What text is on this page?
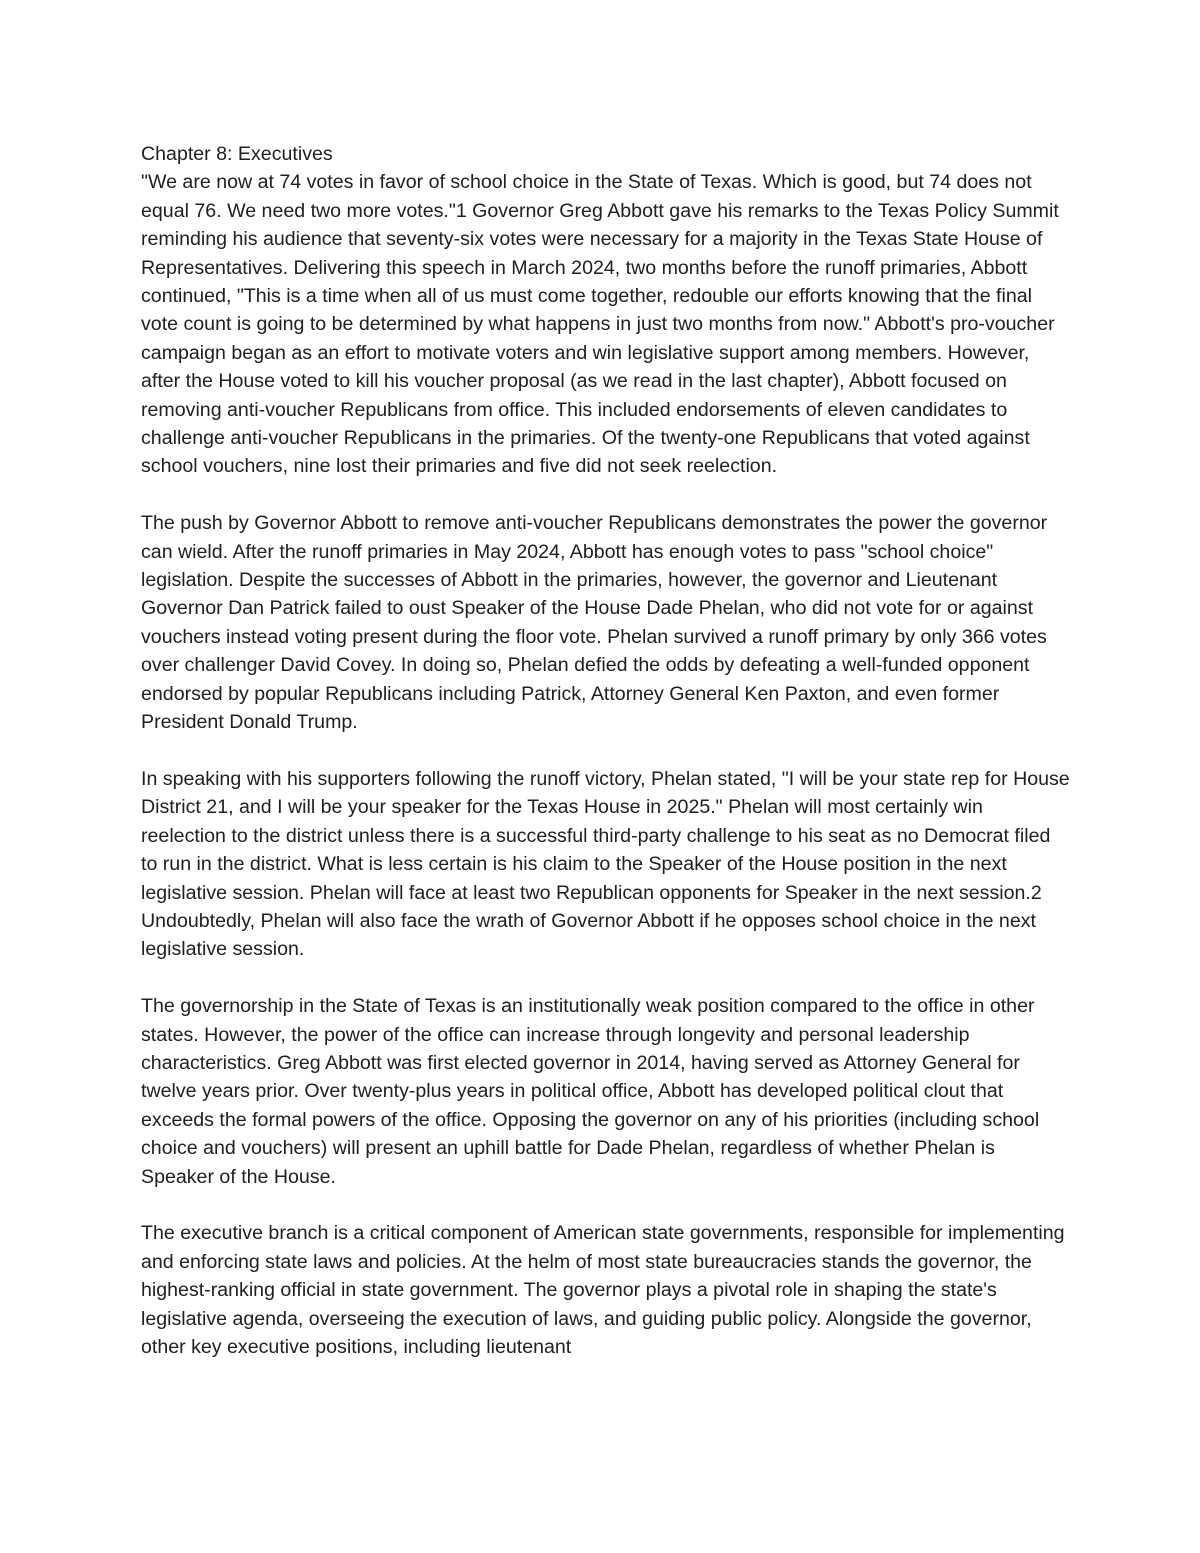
Chapter 8: Executives

"We are now at 74 votes in favor of school choice in the State of Texas. Which is good, but 74 does not equal 76. We need two more votes."1 Governor Greg Abbott gave his remarks to the Texas Policy Summit reminding his audience that seventy-six votes were necessary for a majority in the Texas State House of Representatives. Delivering this speech in March 2024, two months before the runoff primaries, Abbott continued, "This is a time when all of us must come together, redouble our efforts knowing that the final vote count is going to be determined by what happens in just two months from now." Abbott's pro-voucher campaign began as an effort to motivate voters and win legislative support among members. However, after the House voted to kill his voucher proposal (as we read in the last chapter), Abbott focused on removing anti-voucher Republicans from office. This included endorsements of eleven candidates to challenge anti-voucher Republicans in the primaries. Of the twenty-one Republicans that voted against school vouchers, nine lost their primaries and five did not seek reelection.

The push by Governor Abbott to remove anti-voucher Republicans demonstrates the power the governor can wield. After the runoff primaries in May 2024, Abbott has enough votes to pass "school choice" legislation. Despite the successes of Abbott in the primaries, however, the governor and Lieutenant Governor Dan Patrick failed to oust Speaker of the House Dade Phelan, who did not vote for or against vouchers instead voting present during the floor vote. Phelan survived a runoff primary by only 366 votes over challenger David Covey. In doing so, Phelan defied the odds by defeating a well-funded opponent endorsed by popular Republicans including Patrick, Attorney General Ken Paxton, and even former President Donald Trump.

In speaking with his supporters following the runoff victory, Phelan stated, "I will be your state rep for House District 21, and I will be your speaker for the Texas House in 2025." Phelan will most certainly win reelection to the district unless there is a successful third-party challenge to his seat as no Democrat filed to run in the district. What is less certain is his claim to the Speaker of the House position in the next legislative session. Phelan will face at least two Republican opponents for Speaker in the next session.2 Undoubtedly, Phelan will also face the wrath of Governor Abbott if he opposes school choice in the next legislative session.

The governorship in the State of Texas is an institutionally weak position compared to the office in other states. However, the power of the office can increase through longevity and personal leadership characteristics. Greg Abbott was first elected governor in 2014, having served as Attorney General for twelve years prior. Over twenty-plus years in political office, Abbott has developed political clout that exceeds the formal powers of the office. Opposing the governor on any of his priorities (including school choice and vouchers) will present an uphill battle for Dade Phelan, regardless of whether Phelan is Speaker of the House.

The executive branch is a critical component of American state governments, responsible for implementing and enforcing state laws and policies. At the helm of most state bureaucracies stands the governor, the highest-ranking official in state government. The governor plays a pivotal role in shaping the state's legislative agenda, overseeing the execution of laws, and guiding public policy. Alongside the governor, other key executive positions, including lieutenant
